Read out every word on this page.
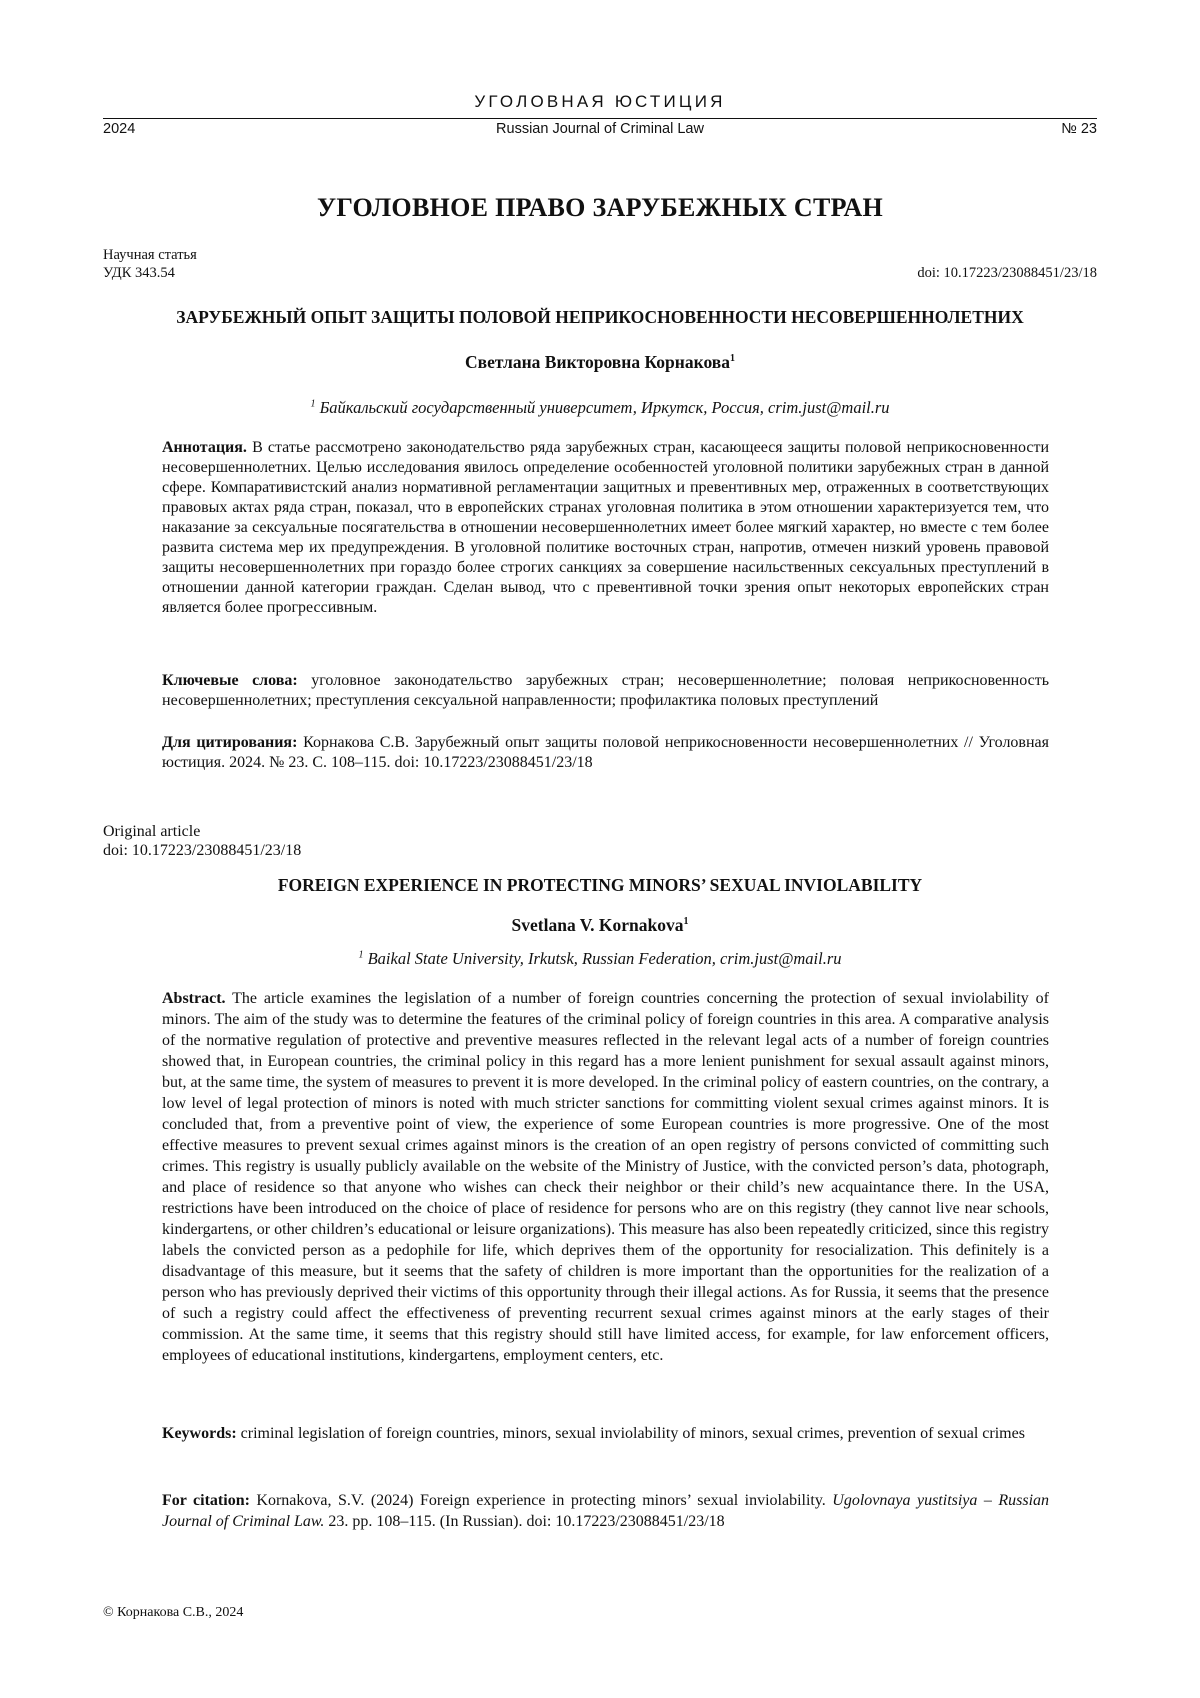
УГОЛОВНАЯ ЮСТИЦИЯ
2024	Russian Journal of Criminal Law	№ 23
УГОЛОВНОЕ ПРАВО ЗАРУБЕЖНЫХ СТРАН
Научная статья
УДК 343.54	doi: 10.17223/23088451/23/18
ЗАРУБЕЖНЫЙ ОПЫТ ЗАЩИТЫ ПОЛОВОЙ НЕПРИКОСНОВЕННОСТИ НЕСОВЕРШЕННОЛЕТНИХ
Светлана Викторовна Корнакова$^1$
$^1$ Байкальский государственный университет, Иркутск, Россия, crim.just@mail.ru
Аннотация. В статье рассмотрено законодательство ряда зарубежных стран, касающееся защиты половой неприкосновенности несовершеннолетних. Целью исследования явилось определение особенностей уголовной политики зарубежных стран в данной сфере. Компаративистский анализ нормативной регламентации защитных и превентивных мер, отраженных в соответствующих правовых актах ряда стран, показал, что в европейских странах уголовная политика в этом отношении характеризуется тем, что наказание за сексуальные посягательства в отношении несовершеннолетних имеет более мягкий характер, но вместе с тем более развита система мер их предупреждения. В уголовной политике восточных стран, напротив, отмечен низкий уровень правовой защиты несовершеннолетних при гораздо более строгих санкциях за совершение насильственных сексуальных преступлений в отношении данной категории граждан. Сделан вывод, что с превентивной точки зрения опыт некоторых европейских стран является более прогрессивным.
Ключевые слова: уголовное законодательство зарубежных стран; несовершеннолетние; половая неприкосновенность несовершеннолетних; преступления сексуальной направленности; профилактика половых преступлений
Для цитирования: Корнакова С.В. Зарубежный опыт защиты половой неприкосновенности несовершеннолетних // Уголовная юстиция. 2024. № 23. С. 108–115. doi: 10.17223/23088451/23/18
Original article
doi: 10.17223/23088451/23/18
FOREIGN EXPERIENCE IN PROTECTING MINORS’ SEXUAL INVIOLABILITY
Svetlana V. Kornakova$^1$
$^1$ Baikal State University, Irkutsk, Russian Federation, crim.just@mail.ru
Abstract. The article examines the legislation of a number of foreign countries concerning the protection of sexual inviolability of minors. The aim of the study was to determine the features of the criminal policy of foreign countries in this area. A comparative analysis of the normative regulation of protective and preventive measures reflected in the relevant legal acts of a number of foreign countries showed that, in European countries, the criminal policy in this regard has a more lenient punishment for sexual assault against minors, but, at the same time, the system of measures to prevent it is more developed. In the criminal policy of eastern countries, on the contrary, a low level of legal protection of minors is noted with much stricter sanctions for committing violent sexual crimes against minors. It is concluded that, from a preventive point of view, the experience of some European countries is more progressive. One of the most effective measures to prevent sexual crimes against minors is the creation of an open registry of persons convicted of committing such crimes. This registry is usually publicly available on the website of the Ministry of Justice, with the convicted person’s data, photograph, and place of residence so that anyone who wishes can check their neighbor or their child’s new acquaintance there. In the USA, restrictions have been introduced on the choice of place of residence for persons who are on this registry (they cannot live near schools, kindergartens, or other children’s educational or leisure organizations). This measure has also been repeatedly criticized, since this registry labels the convicted person as a pedophile for life, which deprives them of the opportunity for resocialization. This definitely is a disadvantage of this measure, but it seems that the safety of children is more important than the opportunities for the realization of a person who has previously deprived their victims of this opportunity through their illegal actions. As for Russia, it seems that the presence of such a registry could affect the effectiveness of preventing recurrent sexual crimes against minors at the early stages of their commission. At the same time, it seems that this registry should still have limited access, for example, for law enforcement officers, employees of educational institutions, kindergartens, employment centers, etc.
Keywords: criminal legislation of foreign countries, minors, sexual inviolability of minors, sexual crimes, prevention of sexual crimes
For citation: Kornakova, S.V. (2024) Foreign experience in protecting minors’ sexual inviolability. Ugolovnaya yustitsiya – Russian Journal of Criminal Law. 23. pp. 108–115. (In Russian). doi: 10.17223/23088451/23/18
© Корнакова С.В., 2024
